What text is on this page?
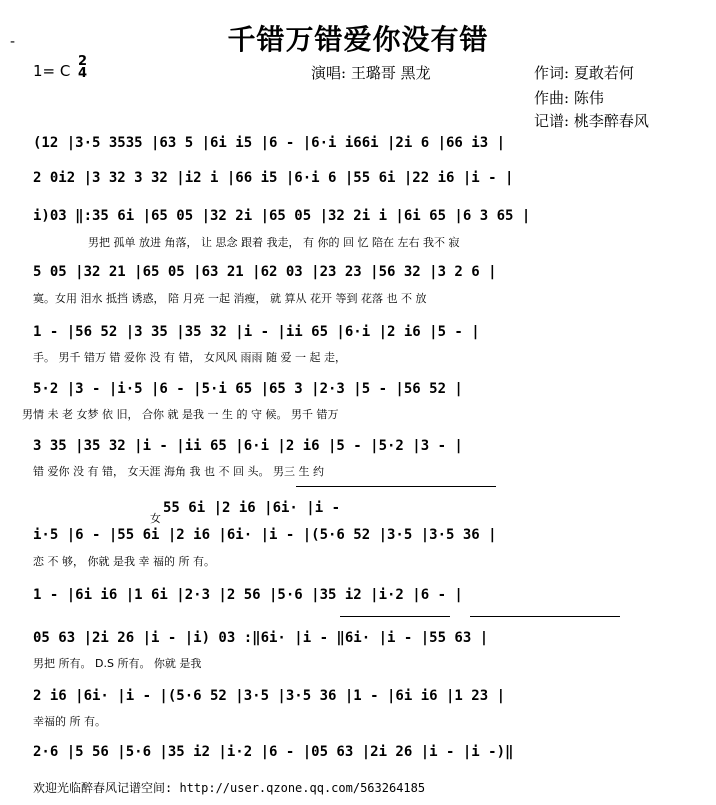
-	千错万错爱你没有错
1= C
2
4	演唱: 王璐哥 黑龙	作词: 夏敢若何
作曲: 陈伟
记谱: 桃李醉春风
(12 |3·5 3535 |63 5 |6i i5 |6 - |6·i i66i |2i 6 |66 i3 |
2 0i2 |3 32 3 32 |i2 i |66 i5 |6·i 6 |55 6i |22 i6 |i - |
i)03 ‖:35 6i |65 05 |32 2i |65 05 |32 2i i |6i 65 |6 3 65 |
男把 孤单 放进 角落， 让 思念 跟着 我走， 有 你的 回 忆 陪在 左右 我不 寂
5 05 |32 21 |65 05 |63 21 |62 03 |23 23 |56 32 |3 2 6 |
寞。女用 泪水 抵挡 诱惑， 陪 月亮 一起 消瘦， 就 算从 花开 等到 花落 也 不 放
1 - |56 52 |3 35 |35 32 |i - |ii 65 |6·i |2 i6 |5 - |
手。 男千 错万 错 爱你 没 有 错， 女风风 雨雨 随 爱 一 起 走，
5·2 |3 - |i·5 |6 - |5·i 65 |65 3 |2·3 |5 - |56 52 |
男情 未 老 女梦 依 旧， 合你 就 是我 一 生 的 守 候。 男千 错万
3 35 |35 32 |i - |ii 65 |6·i |2 i6 |5 - |5·2 |3 - |
错 爱你 没 有 错， 女天涯 海角 我 也 不 回 头。 男三 生 约
55 6i |2 i6 |6i· |i -
女
i·5 |6 - |55 6i |2 i6 |6i· |i - |(5·6 52 |3·5 |3·5 36 |
恋 不 够， 你就 是我 幸 福的 所 有。
1 - |6i i6 |1 6i |2·3 |2 56 |5·6 |35 i2 |i·2 |6 - |
05 63 |2i 26 |i - |i) 03 :‖6i· |i - ‖6i· |i - |55 63 |
男把 所有。 D.S 所有。 你就 是我
2 i6 |6i· |i - |(5·6 52 |3·5 |3·5 36 |1 - |6i i6 |1 23 |
幸福的 所 有。
2·6 |5 56 |5·6 |35 i2 |i·2 |6 - |05 63 |2i 26 |i - |i -)‖
欢迎光临醉春风记谱空间: http://user.qzone.qq.com/563264185
